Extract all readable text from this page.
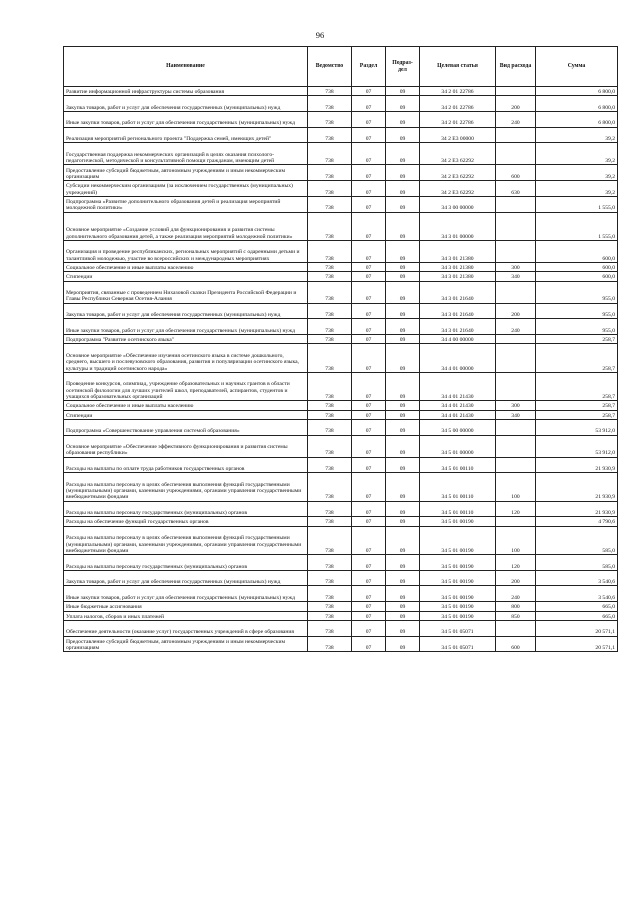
96
Наименование	Ведомство	Раздел	Подраз-дел	Целевая статья	Вид расхода	Сумма
Развитие информационной инфраструктуры системы образования	738	07	09	34 2 01 22786		6 800,0
Закупка товаров, работ и услуг для обеспечения государственных (муниципальных) нужд	738	07	09	34 2 01 22786	200	6 800,0
Иные закупки товаров, работ и услуг для обеспечения государственных (муниципальных) нужд	738	07	09	34 2 01 22786	240	6 800,0
Реализация мероприятий регионального проекта "Поддержка семей, имеющих детей"	738	07	09	34 2 E3 00000		39,2
Государственная поддержка некоммерческих организаций в целях оказания психолого-педагогической, методической и консультативной помощи гражданам, имеющим детей	738	07	09	34 2 E3 62292		39,2
Предоставление субсидий бюджетным, автономным учреждениям и иным некоммерческим организациям	738	07	09	34 2 E3 62292	600	39,2
Субсидии некоммерческим организациям (за исключением государственных (муниципальных) учреждений)	738	07	09	34 2 E3 62292	630	39,2
Подпрограмма «Развитие дополнительного образования детей и реализация мероприятий молодежной политики»	738	07	09	34 3 00 00000		1 555,0
Основное мероприятие «Создание условий для функционирования и развития системы дополнительного образования детей, а также реализация мероприятий молодежной политики»	738	07	09	34 3 01 00000		1 555,0
Организация и проведение республиканских, региональных мероприятий с одаренными детьми и талантливой молодежью, участие во всероссийских и международных мероприятиях	738	07	09	34 3 01 21380		600,0
Социальное обеспечение и иные выплаты населению	738	07	09	34 3 01 21380	300	600,0
Стипендии	738	07	09	34 3 01 21380	340	600,0
Мероприятия, связанные с проведением Нихазовой сказки Президента Российской Федерации и Главы Республики Северная Осетия-Алания	738	07	09	34 3 01 21640		955,0
Закупка товаров, работ и услуг для обеспечения государственных (муниципальных) нужд	738	07	09	34 3 01 21640	200	955,0
Иные закупки товаров, работ и услуг для обеспечения государственных (муниципальных) нужд	738	07	09	34 3 01 21640	240	955,0
Подпрограмма "Развитие осетинского языка"	738	07	09	34 4 00 00000		258,7
Основное мероприятие «Обеспечение изучения осетинского языка в системе дошкольного, среднего, высшего и послевузовского образования, развития и популяризации осетинского языка, культуры и традиций осетинского народа»	738	07	09	34 4 01 00000		258,7
Проведение конкурсов, олимпиад, учреждение образовательных и научных грантов в области осетинской филологии для лучших учителей школ, преподавателей, аспирантов, студентов и учащихся образовательных организаций	738	07	09	34 4 01 21430		258,7
Социальное обеспечение и иные выплаты населению	738	07	09	34 4 01 21430	300	258,7
Стипендии	738	07	09	34 4 01 21430	340	258,7
Подпрограмма «Совершенствование управления системой образования»	738	07	09	34 5 00 00000		53 912,0
Основное мероприятие «Обеспечение эффективного функционирования и развития системы образования республики»	738	07	09	34 5 01 00000		53 912,0
Расходы на выплаты по оплате труда работников государственных органов	738	07	09	34 5 01 00110		21 930,9
Расходы на выплаты персоналу в целях обеспечения выполнения функций государственными (муниципальными) органами, казенными учреждениями, органами управления государственными внебюджетными фондами	738	07	09	34 5 01 00110	100	21 930,9
Расходы на выплаты персоналу государственных (муниципальных) органов	738	07	09	34 5 01 00110	120	21 930,9
Расходы на обеспечение функций государственных органов	738	07	09	34 5 01 00190		4 790,6
Расходы на выплаты персоналу в целях обеспечения выполнения функций государственными (муниципальными) органами, казенными учреждениями, органами управления государственными внебюджетными фондами	738	07	09	34 5 01 00190	100	585,0
Расходы на выплаты персоналу государственных (муниципальных) органов	738	07	09	34 5 01 00190	120	585,0
Закупка товаров, работ и услуг для обеспечения государственных (муниципальных) нужд	738	07	09	34 5 01 00190	200	3 540,6
Иные закупки товаров, работ и услуг для обеспечения государственных (муниципальных) нужд	738	07	09	34 5 01 00190	240	3 540,6
Иные бюджетные ассигнования	738	07	09	34 5 01 00190	800	665,0
Уплата налогов, сборов и иных платежей	738	07	09	34 5 01 00190	850	665,0
Обеспечение деятельности (оказание услуг) государственных учреждений в сфере образования	738	07	09	34 5 01 05071		20 571,1
Предоставление субсидий бюджетным, автономным учреждениям и иным некоммерческим организациям	738	07	09	34 5 01 05071	600	20 571,1
